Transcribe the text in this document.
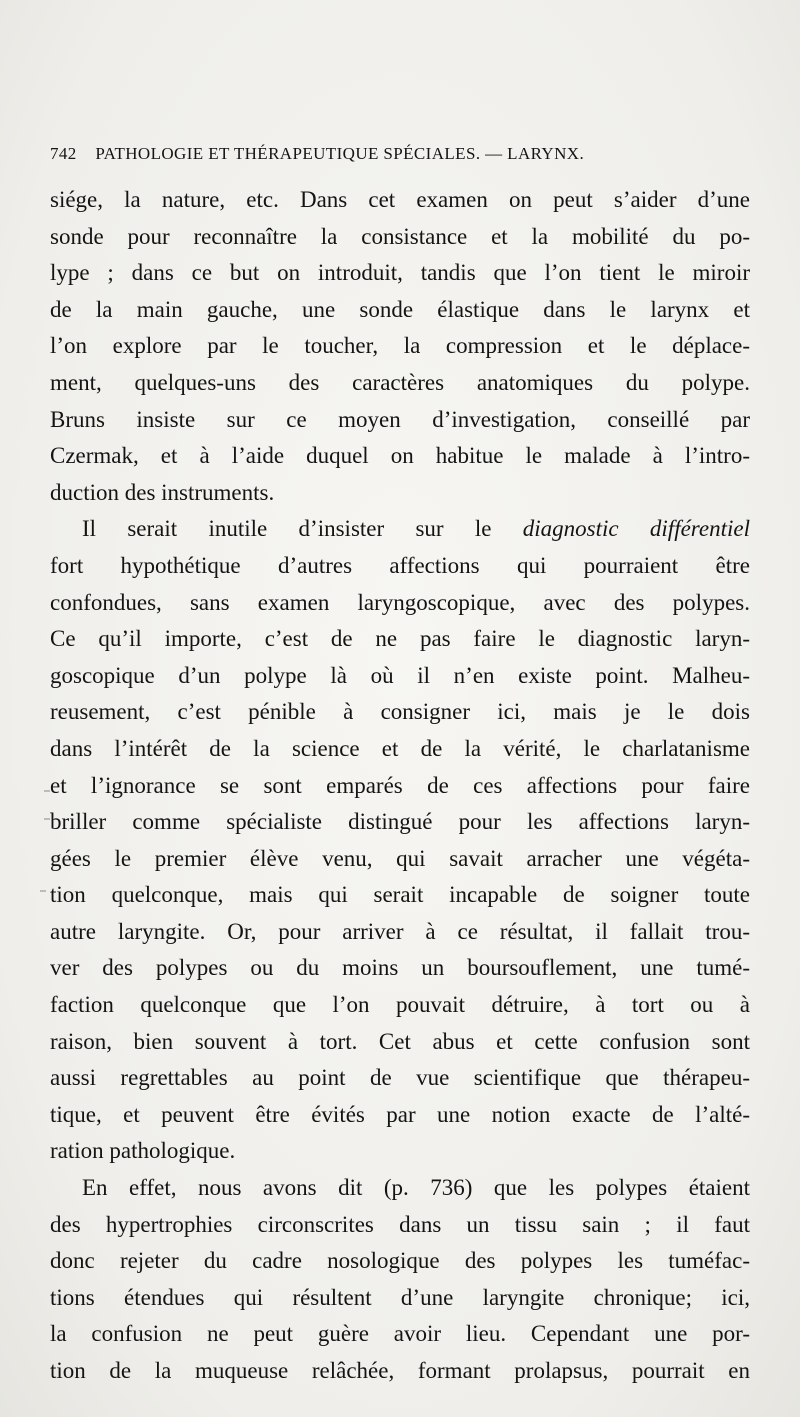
742 PATHOLOGIE ET THÉRAPEUTIQUE SPÉCIALES. — LARYNX.
siége, la nature, etc. Dans cet examen on peut s’aider d’une
sonde pour reconnaître la consistance et la mobilité du po-
lype ; dans ce but on introduit, tandis que l’on tient le miroir
de la main gauche, une sonde élastique dans le larynx et
l’on explore par le toucher, la compression et le déplace-
ment, quelques-uns des caractères anatomiques du polype.
Bruns insiste sur ce moyen d’investigation, conseillé par
Czermak, et à l’aide duquel on habitue le malade à l’intro-
duction des instruments.
Il serait inutile d’insister sur le diagnostic différentiel
fort hypothétique d’autres affections qui pourraient être
confondues, sans examen laryngoscopique, avec des polypes.
Ce qu’il importe, c’est de ne pas faire le diagnostic laryn-
goscopique d’un polype là où il n’en existe point. Malheu-
reusement, c’est pénible à consigner ici, mais je le dois
dans l’intérêt de la science et de la vérité, le charlatanisme
et l’ignorance se sont emparés de ces affections pour faire
briller comme spécialiste distingué pour les affections laryn-
gées le premier élève venu, qui savait arracher une végéta-
tion quelconque, mais qui serait incapable de soigner toute
autre laryngite. Or, pour arriver à ce résultat, il fallait trou-
ver des polypes ou du moins un boursouflement, une tumé-
faction quelconque que l’on pouvait détruire, à tort ou à
raison, bien souvent à tort. Cet abus et cette confusion sont
aussi regrettables au point de vue scientifique que thérapeu-
tique, et peuvent être évités par une notion exacte de l’alté-
ration pathologique.
En effet, nous avons dit (p. 736) que les polypes étaient
des hypertrophies circonscrites dans un tissu sain ; il faut
donc rejeter du cadre nosologique des polypes les tuméfac-
tions étendues qui résultent d’une laryngite chronique; ici,
la confusion ne peut guère avoir lieu. Cependant une por-
tion de la muqueuse relâchée, formant prolapsus, pourrait en
